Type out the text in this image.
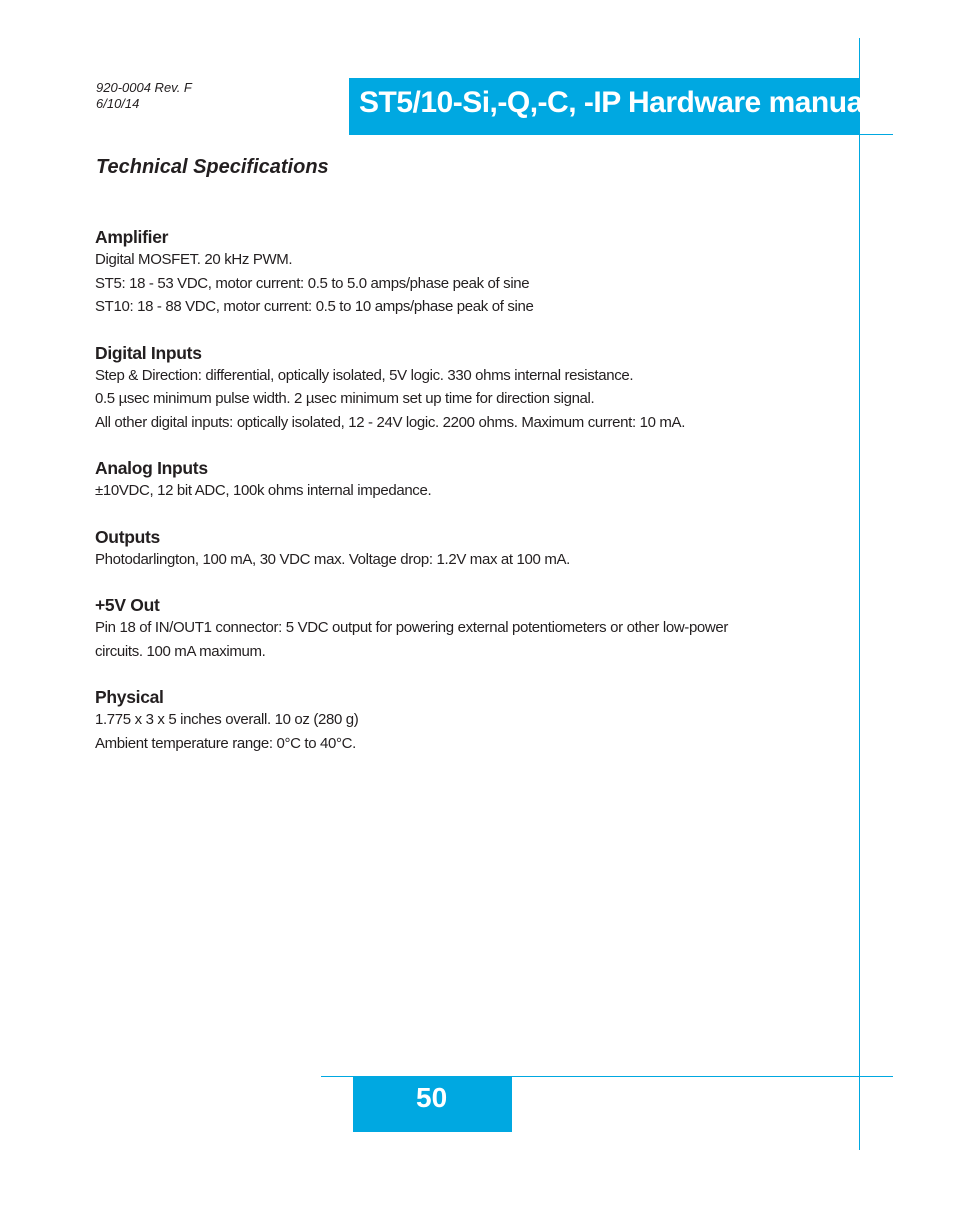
920-0004 Rev. F
6/10/14	ST5/10-Si,-Q,-C, -IP Hardware manual
Technical Specifications
Amplifier
Digital MOSFET. 20 kHz PWM.
ST5: 18 - 53 VDC, motor current: 0.5 to 5.0 amps/phase peak of sine
ST10: 18 - 88 VDC, motor current: 0.5 to 10 amps/phase peak of sine
Digital Inputs
Step & Direction: differential, optically isolated, 5V logic. 330 ohms internal resistance.
0.5 µsec minimum pulse width. 2 µsec minimum set up time for direction signal.
All other digital inputs: optically isolated, 12 - 24V logic. 2200 ohms. Maximum current: 10 mA.
Analog Inputs
±10VDC, 12 bit ADC, 100k ohms internal impedance.
Outputs
Photodarlington, 100 mA, 30 VDC max. Voltage drop: 1.2V max at 100 mA.
+5V Out
Pin 18 of IN/OUT1 connector: 5 VDC output for powering external potentiometers or other low-power
circuits. 100 mA maximum.
Physical
1.775 x 3 x 5 inches overall. 10 oz (280 g)
Ambient temperature range: 0°C to 40°C.
50
